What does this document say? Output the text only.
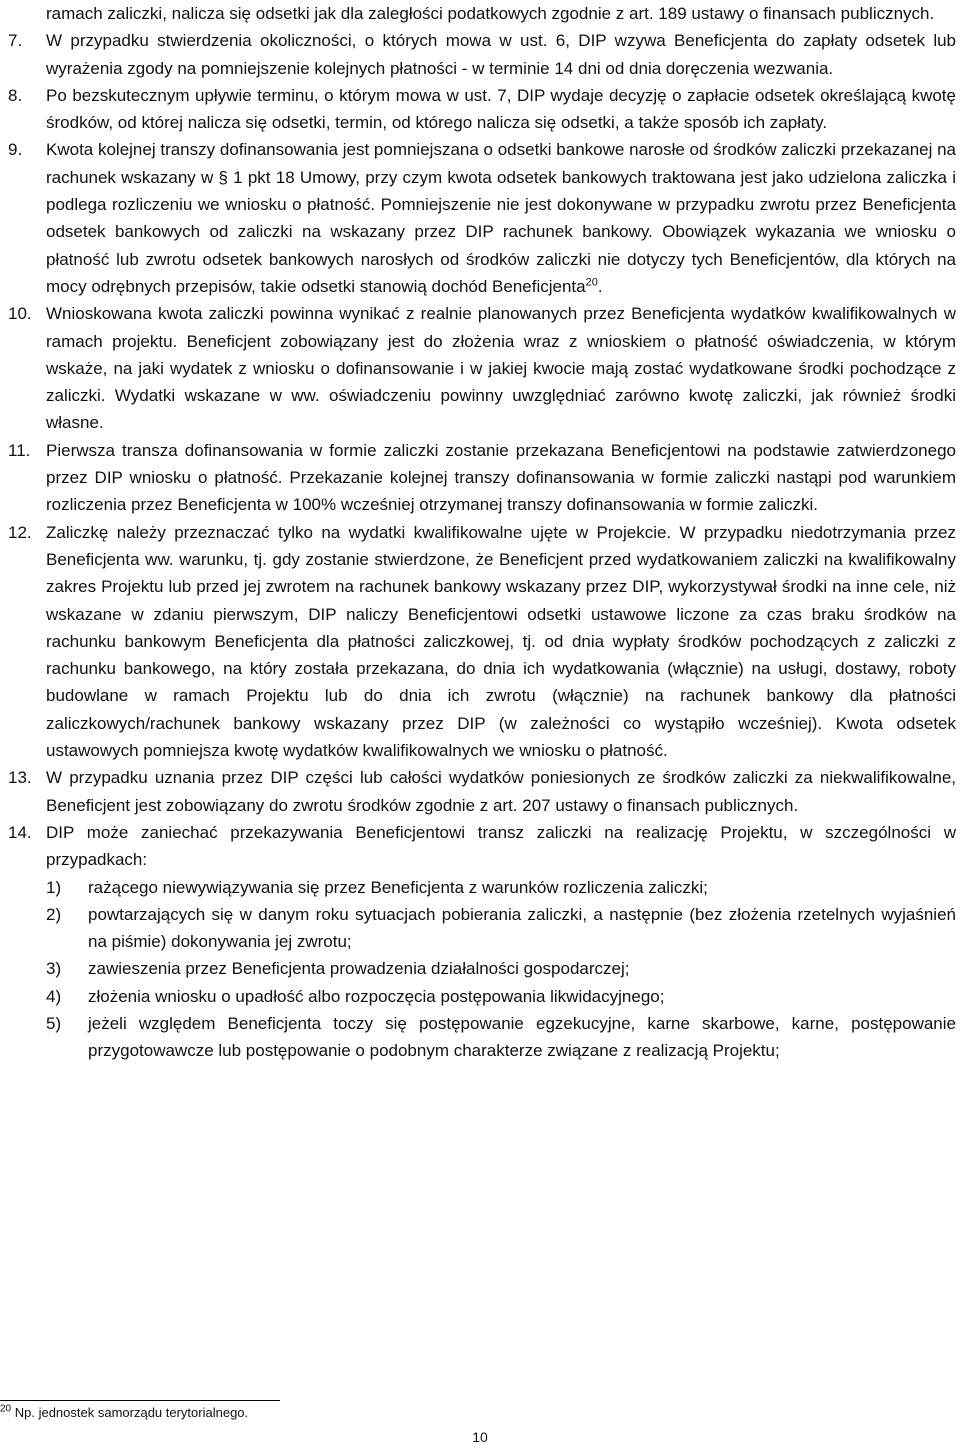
ramach zaliczki, nalicza się odsetki jak dla zaległości podatkowych zgodnie z art. 189 ustawy o finansach publicznych.

7.	W przypadku stwierdzenia okoliczności, o których mowa w ust. 6, DIP wzywa Beneficjenta do zapłaty odsetek lub wyrażenia zgody na pomniejszenie kolejnych płatności - w terminie 14 dni od dnia doręczenia wezwania.
8.	Po bezskutecznym upływie terminu, o którym mowa w ust. 7, DIP wydaje decyzję o zapłacie odsetek określającą kwotę środków, od której nalicza się odsetki, termin, od którego nalicza się odsetki, a także sposób ich zapłaty.
9.	Kwota kolejnej transzy dofinansowania jest pomniejszana o odsetki bankowe narosłe od środków zaliczki przekazanej na rachunek wskazany w § 1 pkt 18 Umowy, przy czym kwota odsetek bankowych traktowana jest jako udzielona zaliczka i podlega rozliczeniu we wniosku o płatność. Pomniejszenie nie jest dokonywane w przypadku zwrotu przez Beneficjenta odsetek bankowych od zaliczki na wskazany przez DIP rachunek bankowy. Obowiązek wykazania we wniosku o płatność lub zwrotu odsetek bankowych narosłych od środków zaliczki nie dotyczy tych Beneficjentów, dla których na mocy odrębnych przepisów, takie odsetki stanowią dochód Beneficjenta$^{20}$.
10. Wnioskowana kwota zaliczki powinna wynikać z realnie planowanych przez Beneficjenta wydatków kwalifikowalnych w ramach projektu. Beneficjent zobowiązany jest do złożenia wraz z wnioskiem o płatność oświadczenia, w którym wskaże, na jaki wydatek z wniosku o dofinansowanie i w jakiej kwocie mają zostać wydatkowane środki pochodzące z zaliczki. Wydatki wskazane w ww. oświadczeniu powinny uwzględniać zarówno kwotę zaliczki, jak również środki własne.
11. Pierwsza transza dofinansowania w formie zaliczki zostanie przekazana Beneficjentowi na podstawie zatwierdzonego przez DIP wniosku o płatność. Przekazanie kolejnej transzy dofinansowania w formie zaliczki nastąpi pod warunkiem rozliczenia przez Beneficjenta w 100% wcześniej otrzymanej transzy dofinansowania w formie zaliczki.
12. Zaliczkę należy przeznaczać tylko na wydatki kwalifikowalne ujęte w Projekcie. W przypadku niedotrzymania przez Beneficjenta ww. warunku, tj. gdy zostanie stwierdzone, że Beneficjent przed wydatkowaniem zaliczki na kwalifikowalny zakres Projektu lub przed jej zwrotem na rachunek bankowy wskazany przez DIP, wykorzystywał środki na inne cele, niż wskazane w zdaniu pierwszym, DIP naliczy Beneficjentowi odsetki ustawowe liczone za czas braku środków na rachunku bankowym Beneficjenta dla płatności zaliczkowej, tj. od dnia wypłaty środków pochodzących z zaliczki z rachunku bankowego, na który została przekazana, do dnia ich wydatkowania (włącznie) na usługi, dostawy, roboty budowlane w ramach Projektu lub do dnia ich zwrotu (włącznie) na rachunek bankowy dla płatności zaliczkowych/rachunek bankowy wskazany przez DIP (w zależności co wystąpiło wcześniej). Kwota odsetek ustawowych pomniejsza kwotę wydatków kwalifikowalnych we wniosku o płatność.
13. W przypadku uznania przez DIP części lub całości wydatków poniesionych ze środków zaliczki za niekwalifikowalne, Beneficjent jest zobowiązany do zwrotu środków zgodnie z art. 207 ustawy o finansach publicznych.
14. DIP może zaniechać przekazywania Beneficjentowi transz zaliczki na realizację Projektu, w szczególności w przypadkach:
1)	rażącego niewywiązywania się przez Beneficjenta z warunków rozliczenia zaliczki;
2)	powtarzających się w danym roku sytuacjach pobierania zaliczki, a następnie (bez złożenia rzetelnych wyjaśnień na piśmie) dokonywania jej zwrotu;
3)	zawieszenia przez Beneficjenta prowadzenia działalności gospodarczej;
4)	złożenia wniosku o upadłość albo rozpoczęcia postępowania likwidacyjnego;
5)	jeżeli względem Beneficjenta toczy się postępowanie egzekucyjne, karne skarbowe, karne, postępowanie przygotowawcze lub postępowanie o podobnym charakterze związane z realizacją Projektu;
$^{20}$ Np. jednostek samorządu terytorialnego.
10
